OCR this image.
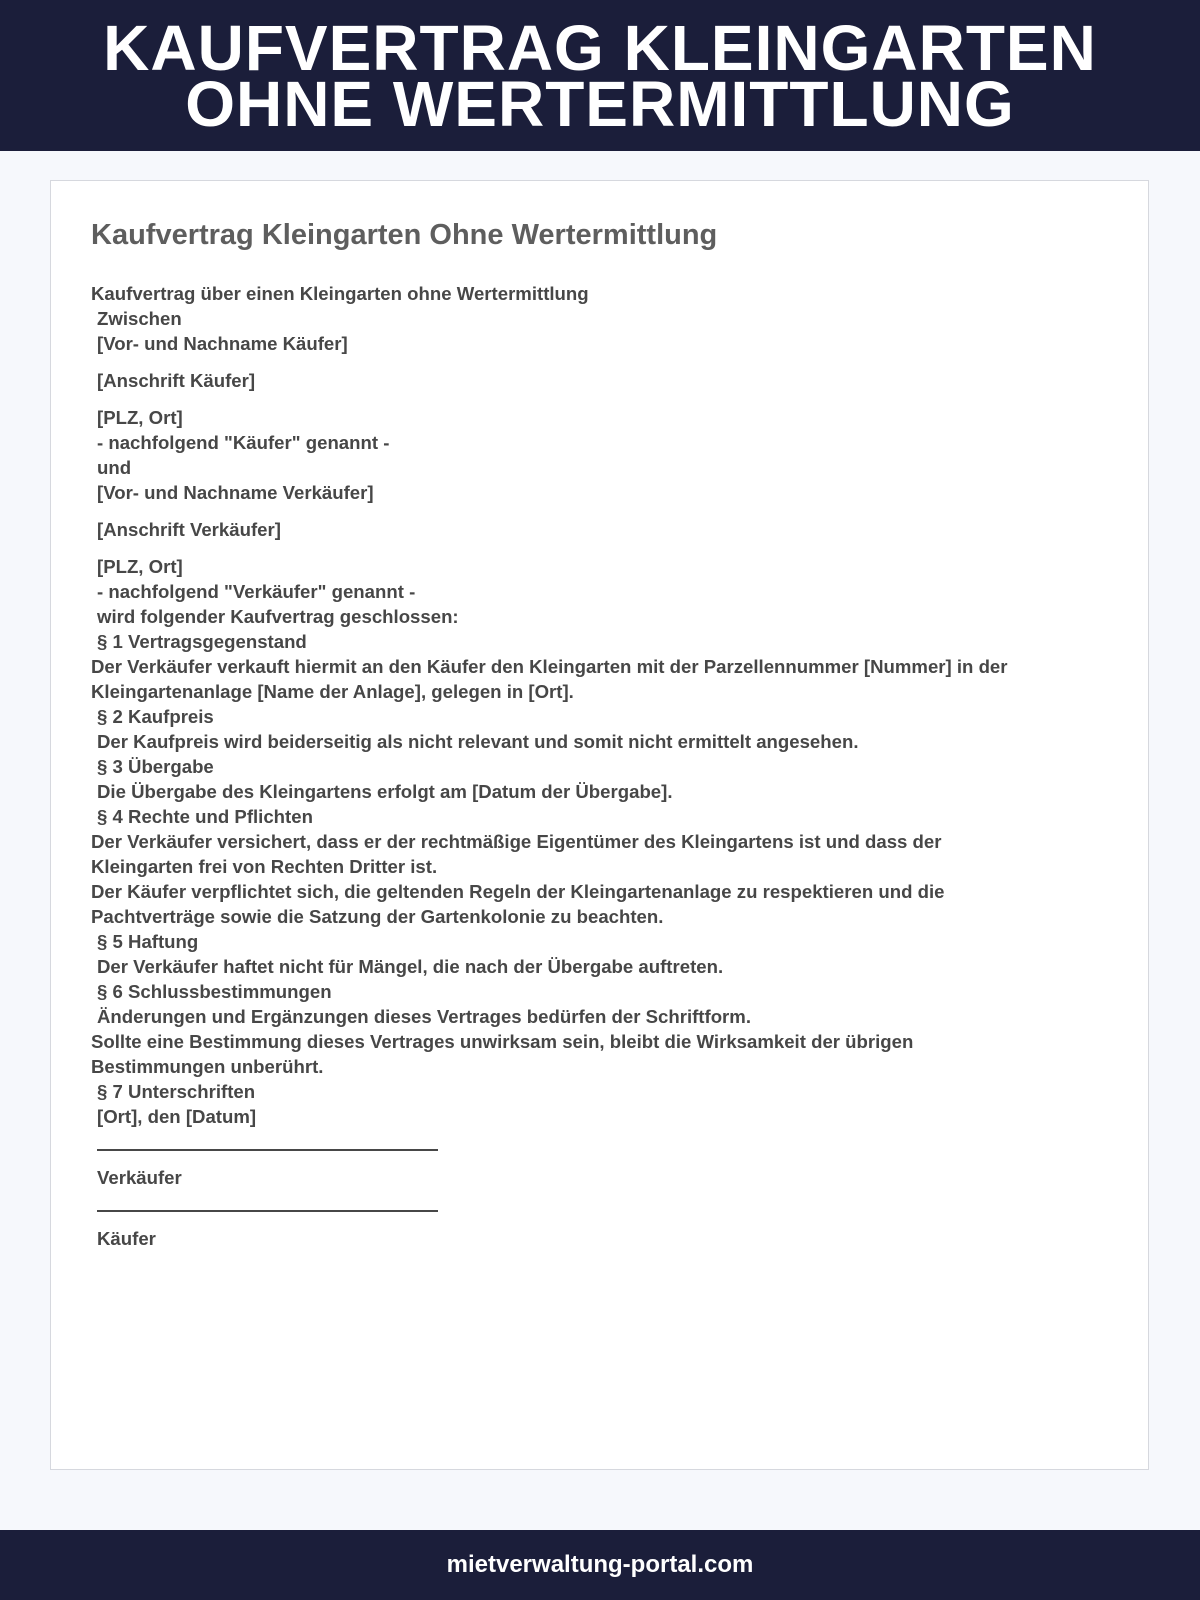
KAUFVERTRAG KLEINGARTEN
OHNE WERTERMITTLUNG
Kaufvertrag Kleingarten Ohne Wertermittlung
Kaufvertrag über einen Kleingarten ohne Wertermittlung
Zwischen
[Vor- und Nachname Käufer]
[Anschrift Käufer]
[PLZ, Ort]
- nachfolgend "Käufer" genannt -
und
[Vor- und Nachname Verkäufer]
[Anschrift Verkäufer]
[PLZ, Ort]
- nachfolgend "Verkäufer" genannt -
wird folgender Kaufvertrag geschlossen:
§ 1 Vertragsgegenstand
Der Verkäufer verkauft hiermit an den Käufer den Kleingarten mit der Parzellennummer [Nummer] in der
Kleingartenanlage [Name der Anlage], gelegen in [Ort].
§ 2 Kaufpreis
Der Kaufpreis wird beiderseitig als nicht relevant und somit nicht ermittelt angesehen.
§ 3 Übergabe
Die Übergabe des Kleingartens erfolgt am [Datum der Übergabe].
§ 4 Rechte und Pflichten
Der Verkäufer versichert, dass er der rechtmäßige Eigentümer des Kleingartens ist und dass der
Kleingarten frei von Rechten Dritter ist.
Der Käufer verpflichtet sich, die geltenden Regeln der Kleingartenanlage zu respektieren und die
Pachtverträge sowie die Satzung der Gartenkolonie zu beachten.
§ 5 Haftung
Der Verkäufer haftet nicht für Mängel, die nach der Übergabe auftreten.
§ 6 Schlussbestimmungen
Änderungen und Ergänzungen dieses Vertrages bedürfen der Schriftform.
Sollte eine Bestimmung dieses Vertrages unwirksam sein, bleibt die Wirksamkeit der übrigen
Bestimmungen unberührt.
§ 7 Unterschriften
[Ort], den [Datum]
Verkäufer
Käufer
mietverwaltung-portal.com
